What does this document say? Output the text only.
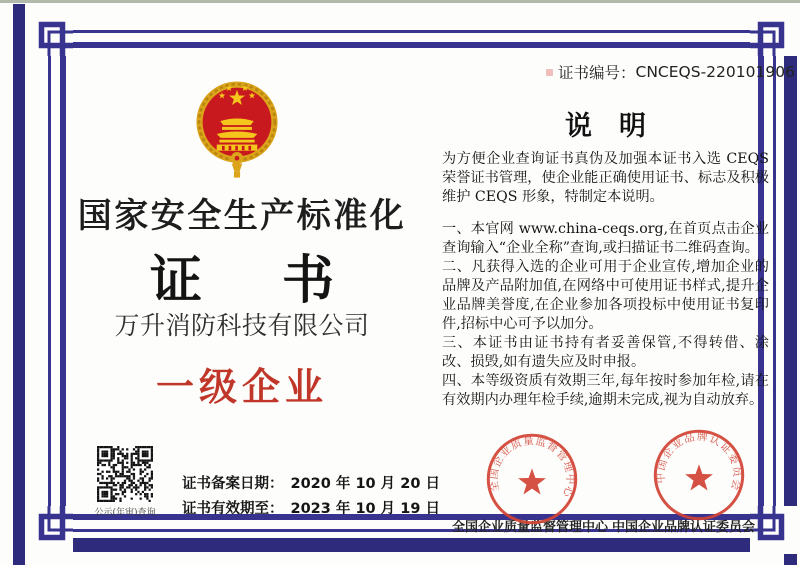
国家安全生产标准化
证　书
万升消防科技有限公司
一级企业
公示(年审)查询
证书备案日期： 2020 年 10 月 20 日
证书有效期至： 2023 年 10 月 19 日
证书编号： CNCEQS-220101906
说　明

为方便企业查询证书真伪及加强本证书入选 CEQS 荣誉证书管理，使企业能正确使用证书、标志及积极维护 CEQS 形象，特制定本说明。

一、本官网 www.china-ceqs.org,在首页点击企业查询输入“企业全称”查询,或扫描证书二维码查询。

二、凡获得入选的企业可用于企业宣传,增加企业的品牌及产品附加值,在网络中可使用证书样式,提升企业品牌美誉度,在企业参加各项投标中使用证书复印件,招标中心可予以加分。

三、本证书由证书持有者妥善保管,不得转借、涂改、损毁,如有遗失应及时申报。

四、本等级资质有效期三年,每年按时参加年检,请在有效期内办理年检手续,逾期未完成,视为自动放弃。

全国企业质量监督管理中心 中国企业品牌认证委员会
全国企业质量监督管理中心
中国企业品牌认证委员会
